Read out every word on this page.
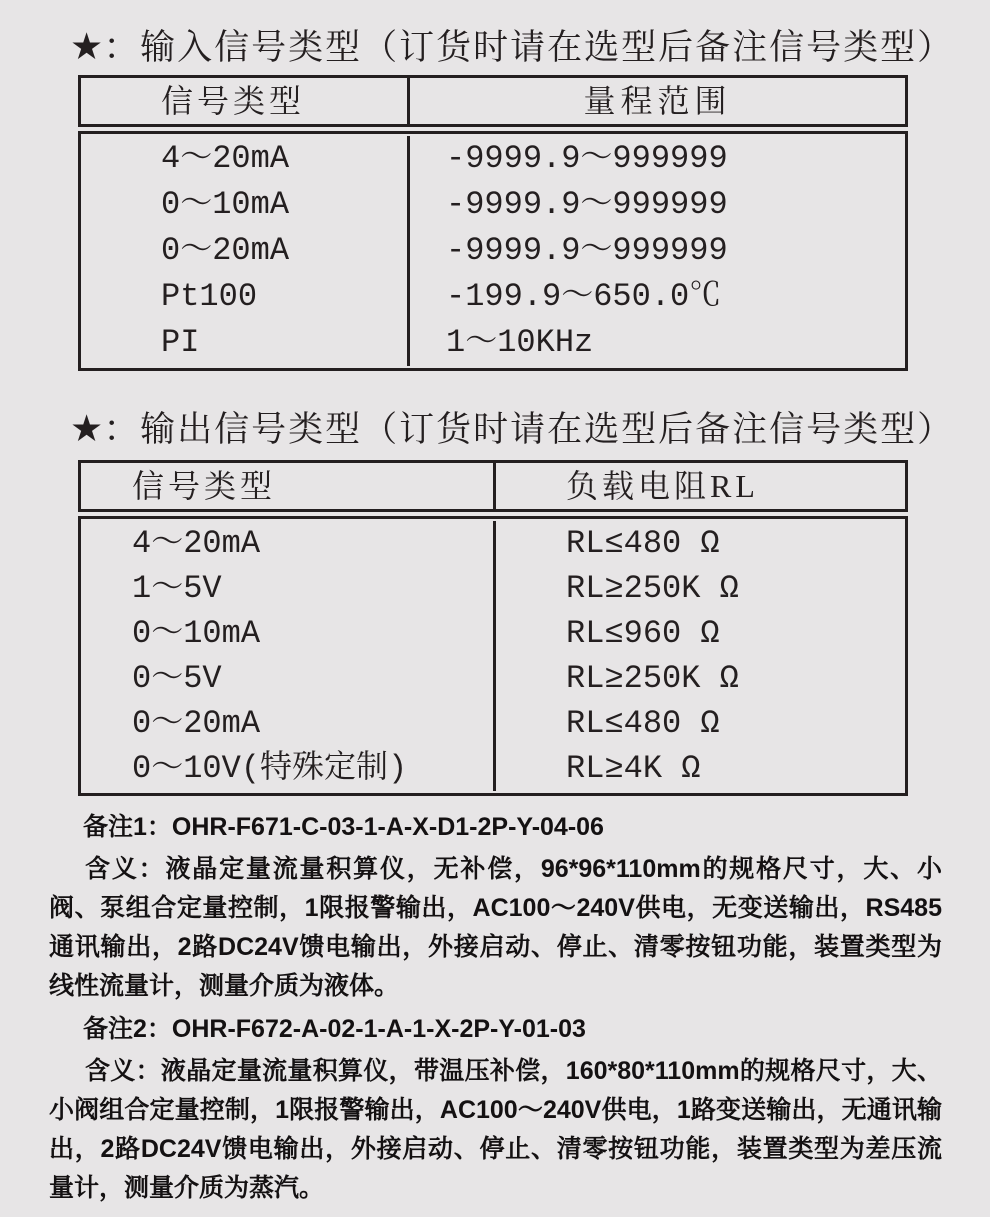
★：输入信号类型（订货时请在选型后备注信号类型）
信号类型	量程范围
4～20mA	-9999.9～999999
0～10mA	-9999.9～999999
0～20mA	-9999.9～999999
Pt100	-199.9～650.0℃
PI	1～10KHz
★：输出信号类型（订货时请在选型后备注信号类型）
信号类型	负载电阻RL
4～20mA	RL≤480 Ω
1～5V	RL≥250K Ω
0～10mA	RL≤960 Ω
0～5V	RL≥250K Ω
0～20mA	RL≤480 Ω
0～10V(特殊定制)	RL≥4K Ω

备注1：OHR-F671-C-03-1-A-X-D1-2P-Y-04-06

含义：液晶定量流量积算仪，无补偿，96*96*110mm的规格尺寸，大、小阀、泵组合定量控制，1限报警输出，AC100～240V供电，无变送输出，RS485通讯输出，2路DC24V馈电输出，外接启动、停止、清零按钮功能，装置类型为线性流量计，测量介质为液体。

备注2：OHR-F672-A-02-1-A-1-X-2P-Y-01-03

含义：液晶定量流量积算仪，带温压补偿，160*80*110mm的规格尺寸，大、小阀组合定量控制，1限报警输出，AC100～240V供电，1路变送输出，无通讯输出，2路DC24V馈电输出，外接启动、停止、清零按钮功能，装置类型为差压流量计，测量介质为蒸汽。
